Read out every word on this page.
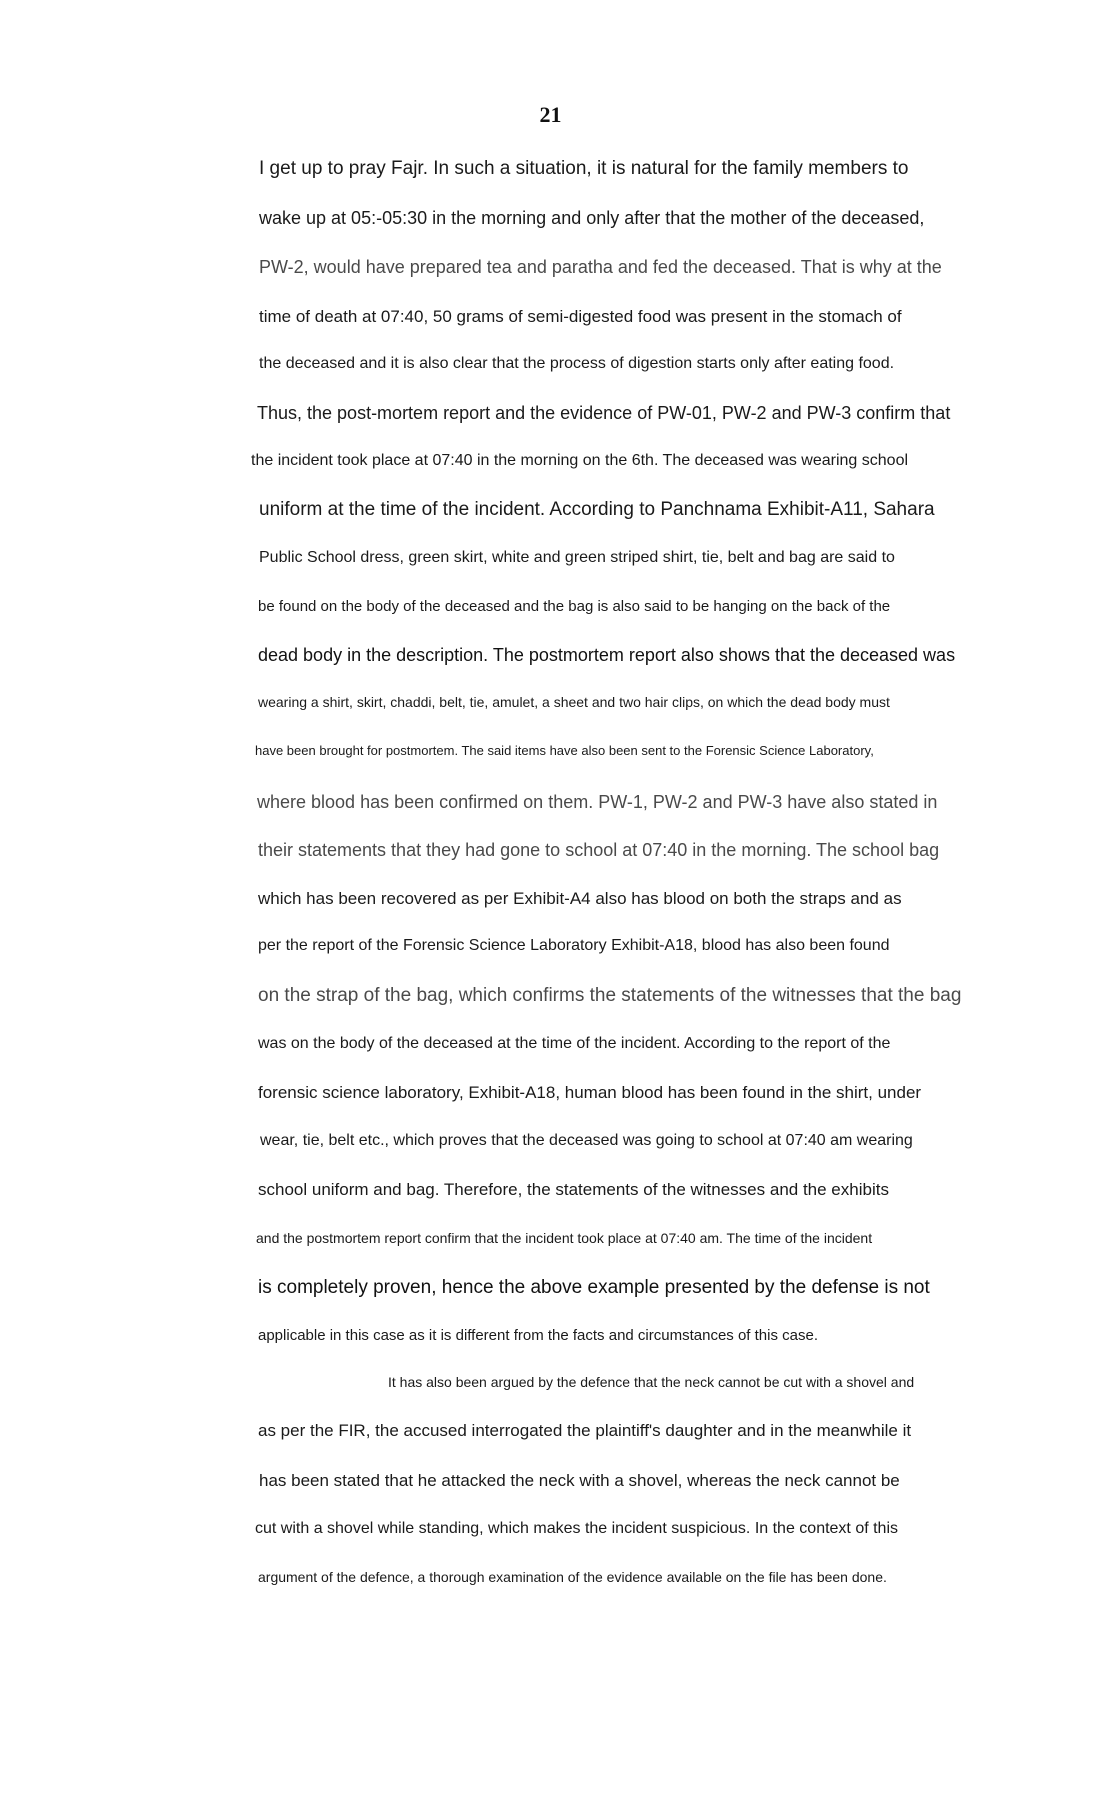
21
I get up to pray Fajr. In such a situation, it is natural for the family members to
wake up at 05:-05:30 in the morning and only after that the mother of the deceased,
PW-2, would have prepared tea and paratha and fed the deceased. That is why at the
time of death at 07:40, 50 grams of semi-digested food was present in the stomach of
the deceased and it is also clear that the process of digestion starts only after eating food.
Thus, the post-mortem report and the evidence of PW-01, PW-2 and PW-3 confirm that
the incident took place at 07:40 in the morning on the 6th. The deceased was wearing school
uniform at the time of the incident. According to Panchnama Exhibit-A11, Sahara
Public School dress, green skirt, white and green striped shirt, tie, belt and bag are said to
be found on the body of the deceased and the bag is also said to be hanging on the back of the
dead body in the description. The postmortem report also shows that the deceased was
wearing a shirt, skirt, chaddi, belt, tie, amulet, a sheet and two hair clips, on which the dead body must
have been brought for postmortem. The said items have also been sent to the Forensic Science Laboratory,
where blood has been confirmed on them. PW-1, PW-2 and PW-3 have also stated in
their statements that they had gone to school at 07:40 in the morning. The school bag
which has been recovered as per Exhibit-A4 also has blood on both the straps and as
per the report of the Forensic Science Laboratory Exhibit-A18, blood has also been found
on the strap of the bag, which confirms the statements of the witnesses that the bag
was on the body of the deceased at the time of the incident. According to the report of the
forensic science laboratory, Exhibit-A18, human blood has been found in the shirt, under
wear, tie, belt etc., which proves that the deceased was going to school at 07:40 am wearing
school uniform and bag. Therefore, the statements of the witnesses and the exhibits
and the postmortem report confirm that the incident took place at 07:40 am. The time of the incident
is completely proven, hence the above example presented by the defense is not
applicable in this case as it is different from the facts and circumstances of this case.
It has also been argued by the defence that the neck cannot be cut with a shovel and
as per the FIR, the accused interrogated the plaintiff's daughter and in the meanwhile it
has been stated that he attacked the neck with a shovel, whereas the neck cannot be
cut with a shovel while standing, which makes the incident suspicious. In the context of this
argument of the defence, a thorough examination of the evidence available on the file has been done.
